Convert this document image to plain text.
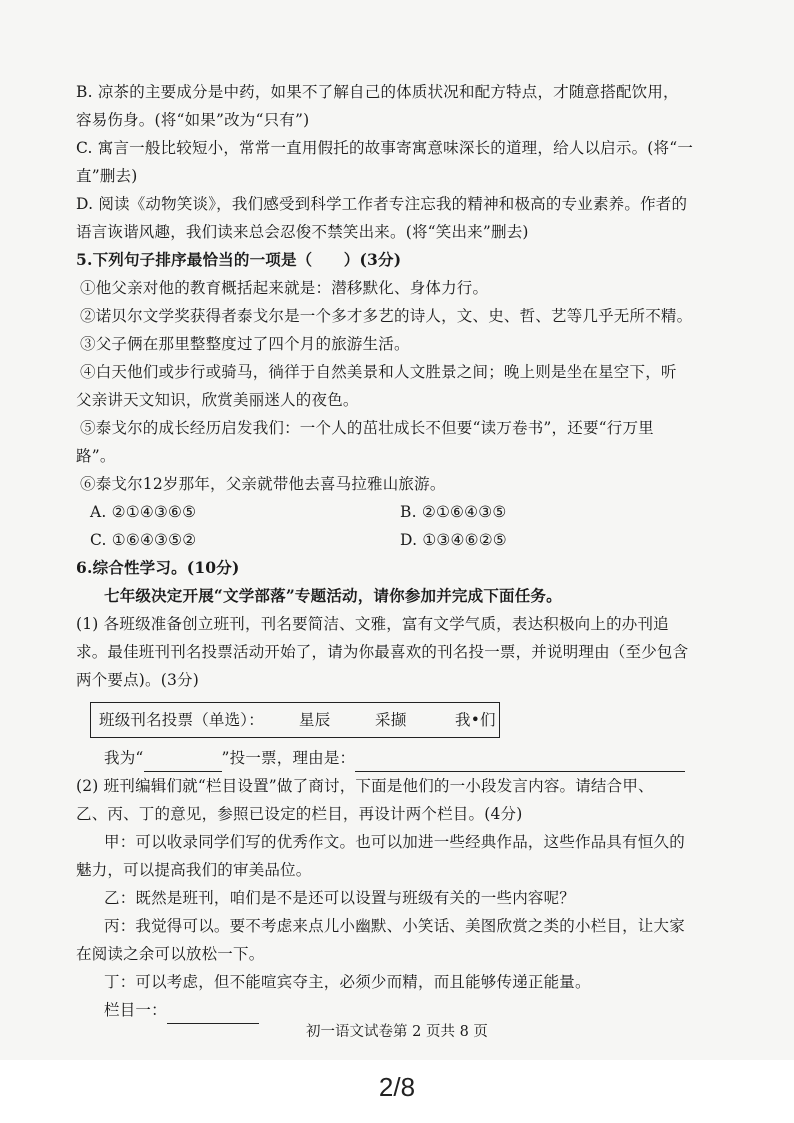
B. 凉茶的主要成分是中药，如果不了解自己的体质状况和配方特点，才随意搭配饮用，
容易伤身。(将“如果”改为“只有”)
C. 寓言一般比较短小，常常一直用假托的故事寄寓意味深长的道理，给人以启示。(将“一
直”删去)
D. 阅读《动物笑谈》，我们感受到科学工作者专注忘我的精神和极高的专业素养。作者的
语言诙谐风趣，我们读来总会忍俊不禁笑出来。(将“笑出来”删去)
5.下列句子排序最恰当的一项是（　　）(3分)
①他父亲对他的教育概括起来就是：潜移默化、身体力行。
②诺贝尔文学奖获得者泰戈尔是一个多才多艺的诗人，文、史、哲、艺等几乎无所不精。
③父子俩在那里整整度过了四个月的旅游生活。
④白天他们或步行或骑马，徜徉于自然美景和人文胜景之间；晚上则是坐在星空下，听
父亲讲天文知识，欣赏美丽迷人的夜色。
⑤泰戈尔的成长经历启发我们：一个人的茁壮成长不但要“读万卷书”，还要“行万里
路”。
⑥泰戈尔12岁那年，父亲就带他去喜马拉雅山旅游。
A. ②①④③⑥⑤	B. ②①⑥④③⑤
C. ①⑥④③⑤②	D. ①③④⑥②⑤
6.综合性学习。(10分)
七年级决定开展“文学部落”专题活动，请你参加并完成下面任务。
(1) 各班级准备创立班刊，刊名要简洁、文雅，富有文学气质，表达积极向上的办刊追
求。最佳班刊刊名投票活动开始了，请为你最喜欢的刊名投一票，并说明理由（至少包含
两个要点)。(3分)
班级刊名投票（单选）：	星辰	采撷	我•们
我为“	”投一票，理由是：
(2) 班刊编辑们就“栏目设置”做了商讨，下面是他们的一小段发言内容。请结合甲、
乙、丙、丁的意见，参照已设定的栏目，再设计两个栏目。(4分)
甲：可以收录同学们写的优秀作文。也可以加进一些经典作品，这些作品具有恒久的
魅力，可以提高我们的审美品位。
乙：既然是班刊，咱们是不是还可以设置与班级有关的一些内容呢？
丙：我觉得可以。要不考虑来点儿小幽默、小笑话、美图欣赏之类的小栏目，让大家
在阅读之余可以放松一下。
丁：可以考虑，但不能喧宾夺主，必须少而精，而且能够传递正能量。
栏目一：
初一语文试卷第 2 页共 8 页
2/8
